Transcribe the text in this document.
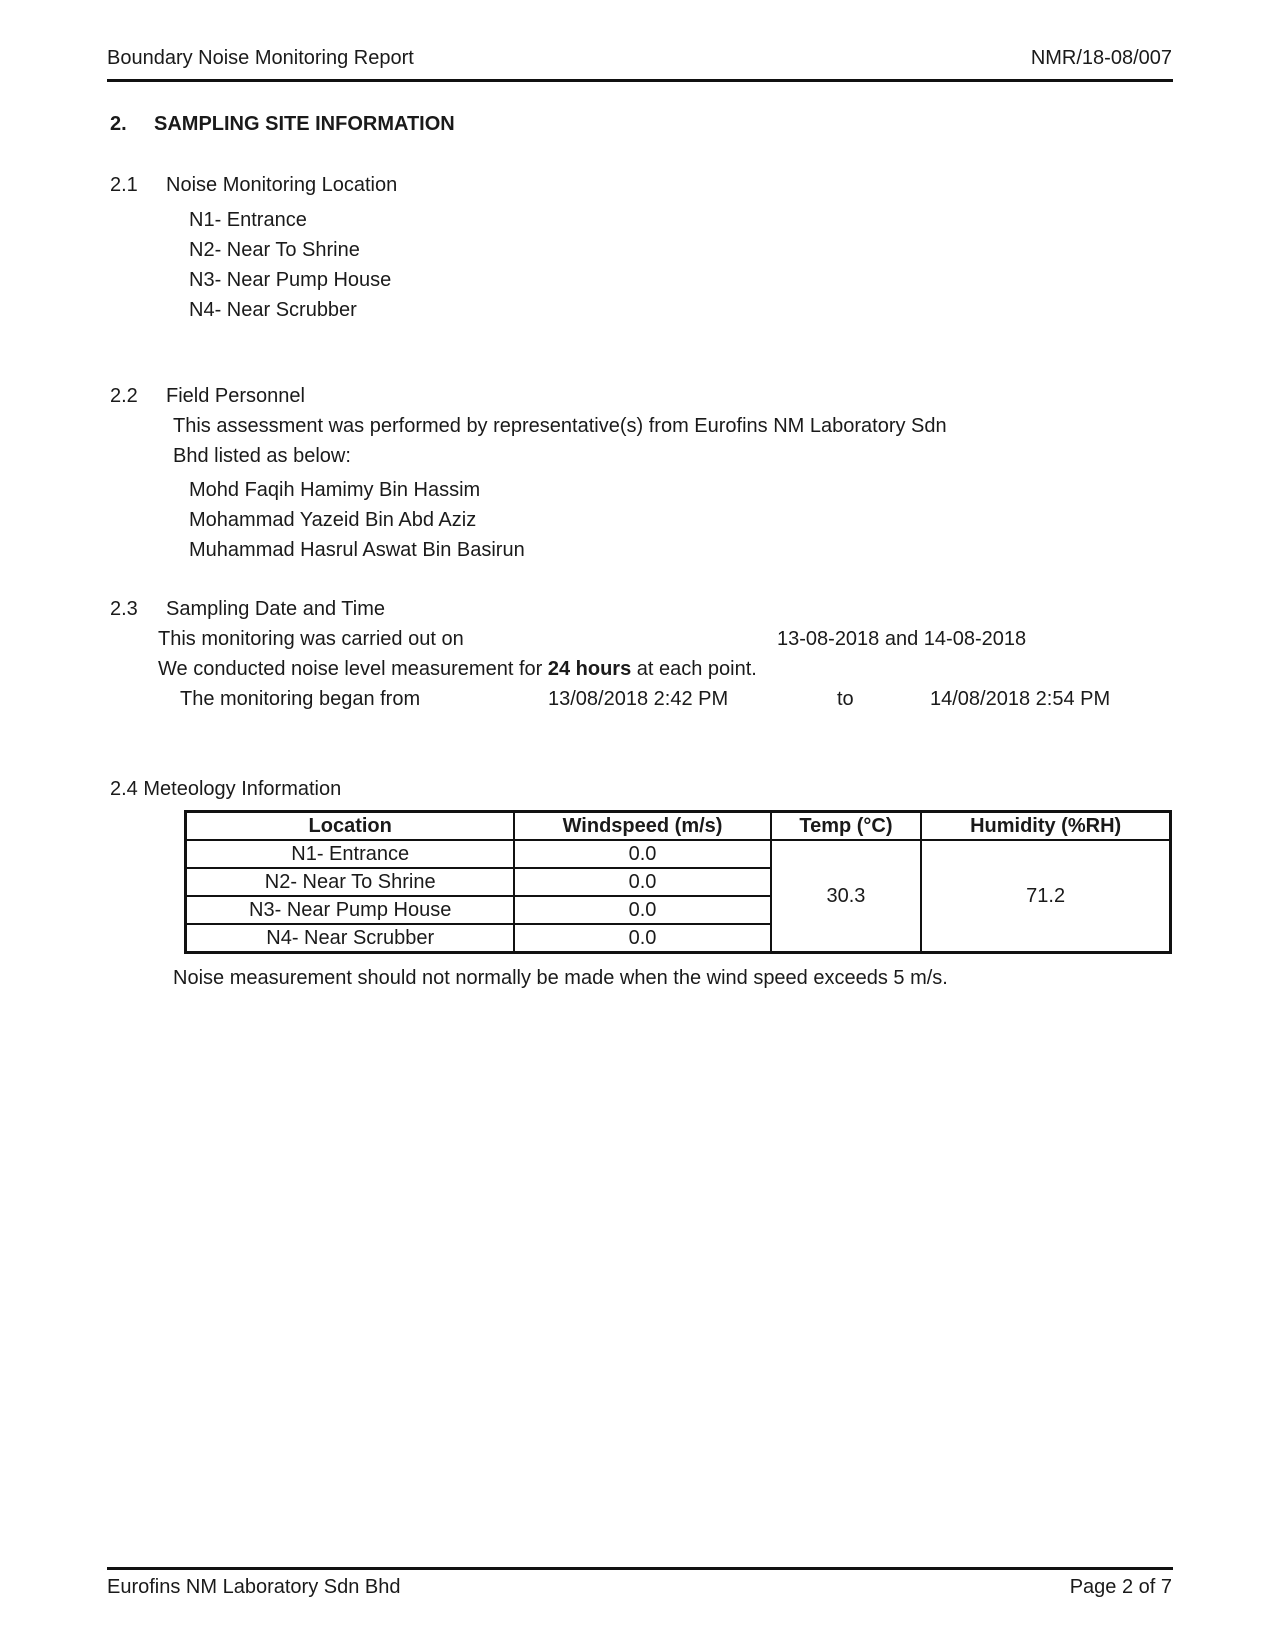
Boundary Noise Monitoring Report	NMR/18-08/007
2. SAMPLING SITE INFORMATION
2.1 Noise Monitoring Location
N1- Entrance
N2- Near To Shrine
N3- Near Pump House
N4- Near Scrubber
2.2 Field Personnel
This assessment was performed by representative(s) from Eurofins NM Laboratory Sdn
Bhd listed as below:
Mohd Faqih Hamimy Bin Hassim
Mohammad Yazeid Bin Abd Aziz
Muhammad Hasrul Aswat Bin Basirun
2.3 Sampling Date and Time
This monitoring was carried out on	13-08-2018 and 14-08-2018
We conducted noise level measurement for 24 hours at each point.
The monitoring began from	13/08/2018 2:42 PM	to	14/08/2018 2:54 PM
2.4 Meteology Information
Location	Windspeed (m/s)	Temp (°C)	Humidity (%RH)
N1- Entrance	0.0	30.3	71.2
N2- Near To Shrine	0.0		
N3- Near Pump House	0.0		
N4- Near Scrubber	0.0		
Noise measurement should not normally be made when the wind speed exceeds 5 m/s.
Eurofins NM Laboratory Sdn Bhd	Page 2 of 7
